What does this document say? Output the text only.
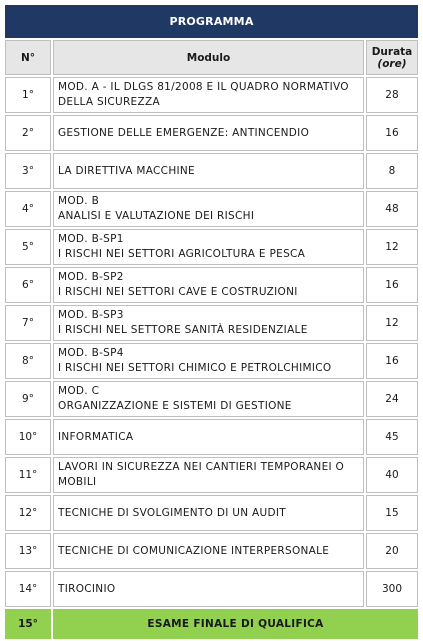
PROGRAMMA		
N°	Modulo	Durata
(ore)
1°	MOD. A - IL DLGS 81/2008 E IL QUADRO NORMATIVO
DELLA SICUREZZA	28
2°	GESTIONE DELLE EMERGENZE: ANTINCENDIO	16
3°	LA DIRETTIVA MACCHINE	8
4°	MOD. B
ANALISI E VALUTAZIONE DEI RISCHI	48
5°	MOD. B-SP1
I RISCHI NEI SETTORI AGRICOLTURA E PESCA	12
6°	MOD. B-SP2
I RISCHI NEI SETTORI CAVE E COSTRUZIONI	16
7°	MOD. B-SP3
I RISCHI NEL SETTORE SANITÀ RESIDENZIALE	12
8°	MOD. B-SP4
I RISCHI NEI SETTORI CHIMICO E PETROLCHIMICO	16
9°	MOD. C
ORGANIZZAZIONE E SISTEMI DI GESTIONE	24
10°	INFORMATICA	45
11°	LAVORI IN SICUREZZA NEI CANTIERI TEMPORANEI O
MOBILI	40
12°	TECNICHE DI SVOLGIMENTO DI UN AUDIT	15
13°	TECNICHE DI COMUNICAZIONE INTERPERSONALE	20
14°	TIROCINIO	300
15°	ESAME FINALE DI QUALIFICA	
